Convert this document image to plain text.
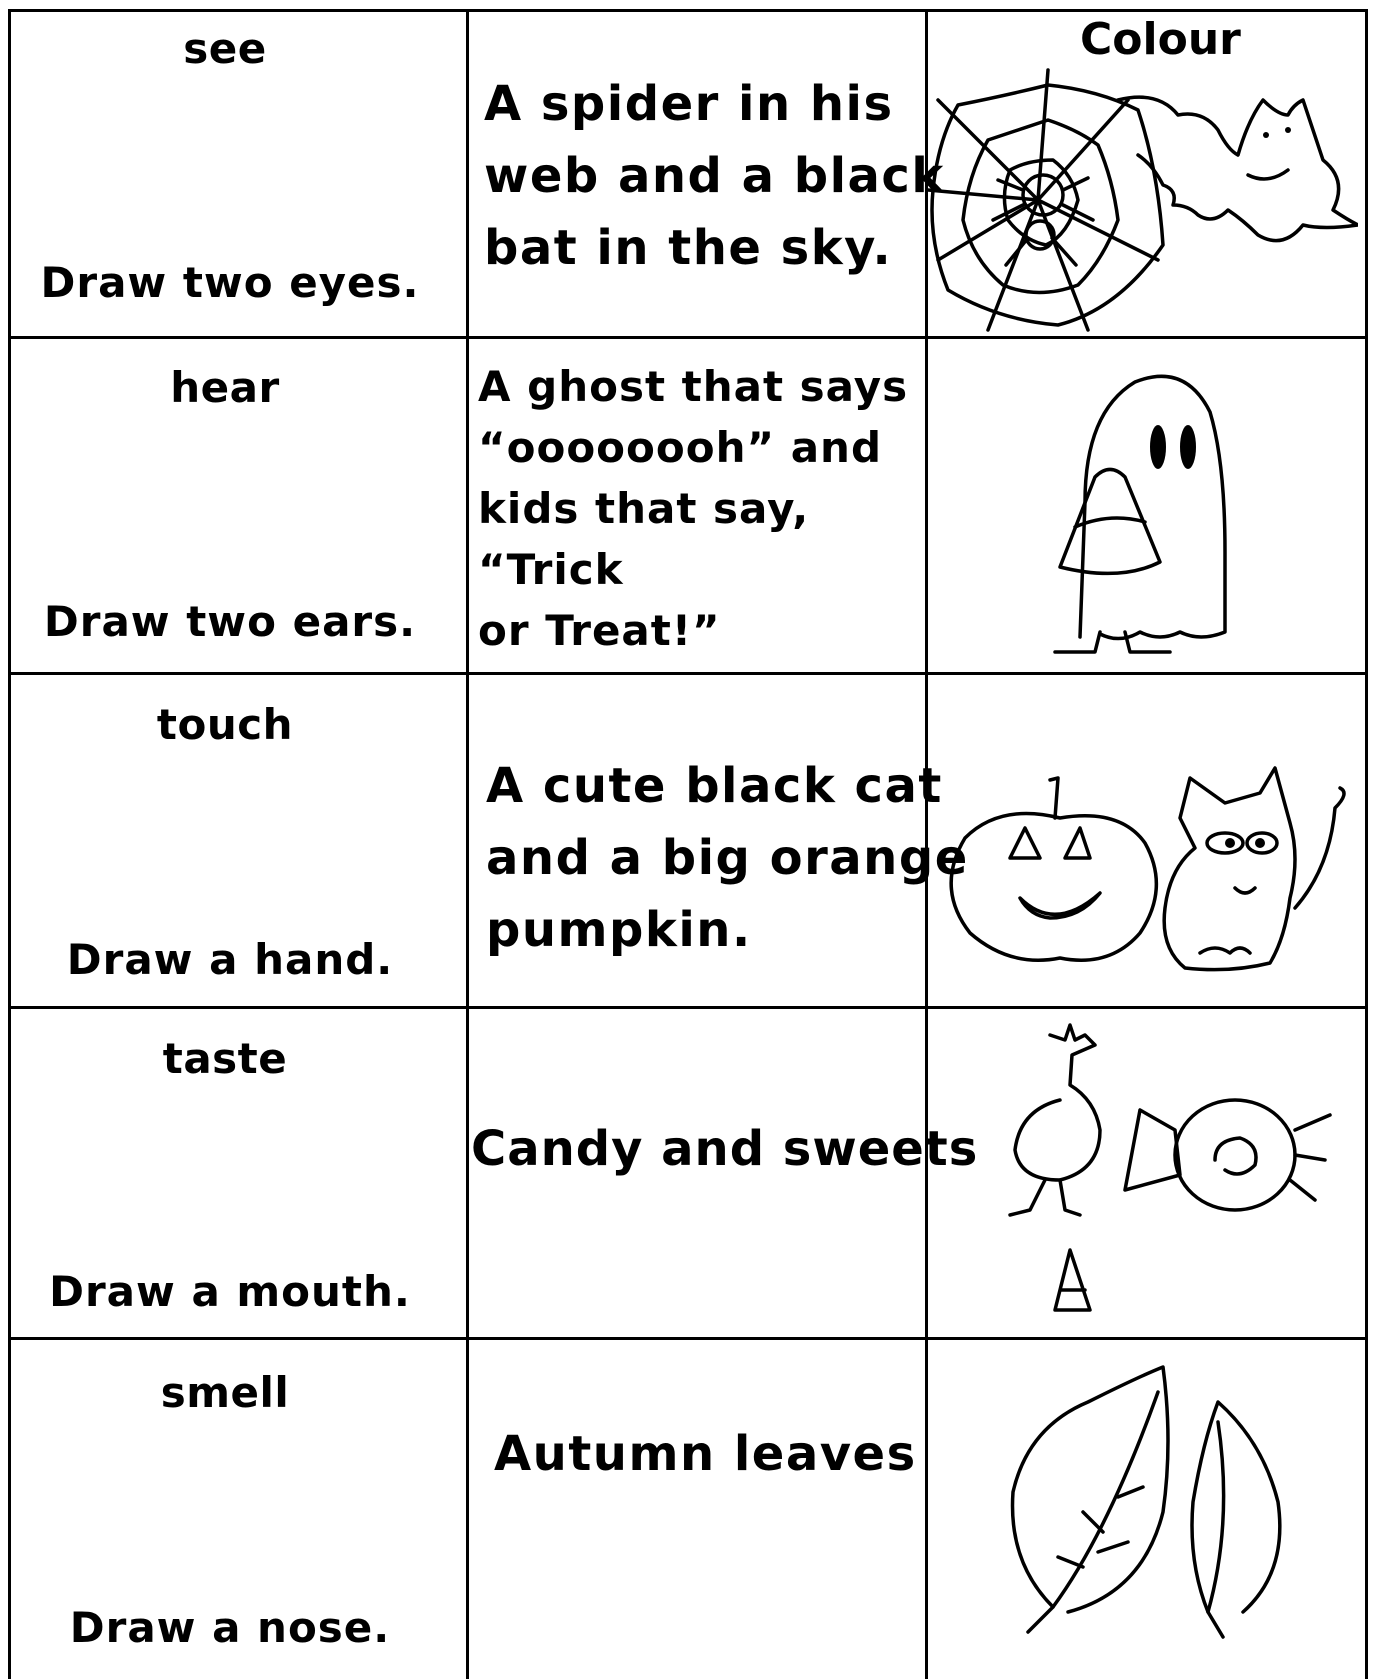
Colour
see
Draw two eyes.
A spider in his
web and a black
bat in the sky.
hear
Draw two ears.
A ghost that says
“oooooooh” and
kids that say,
“Trick
or Treat!”
touch
Draw a hand.
A cute black cat
and a big orange
pumpkin.
taste
Draw a mouth.
Candy and sweets
smell
Draw a nose.
Autumn leaves
